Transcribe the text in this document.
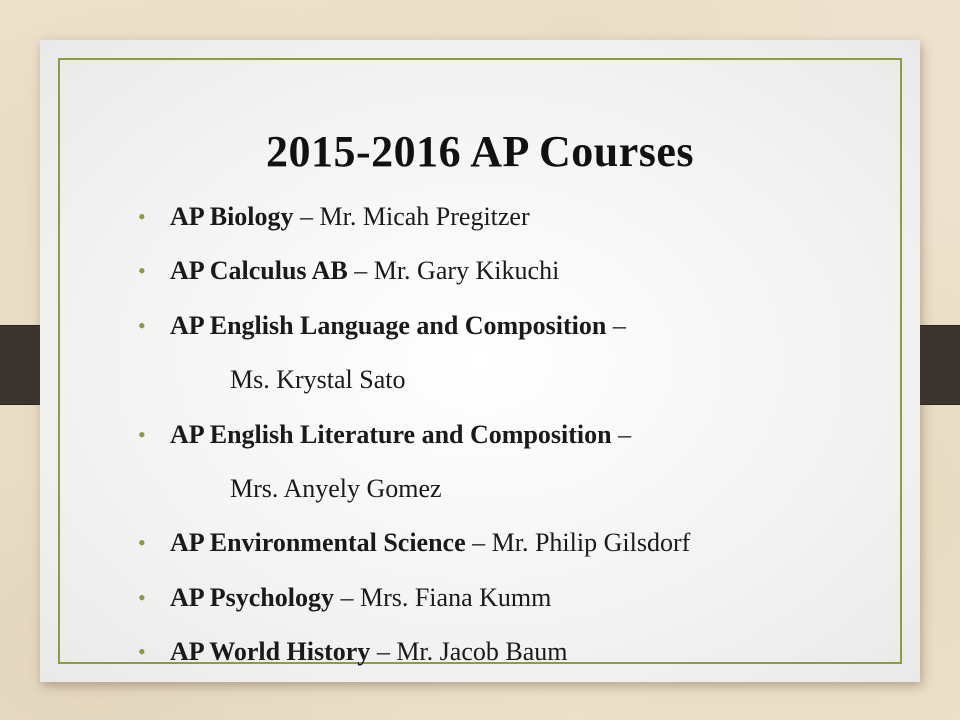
2015-2016 AP Courses
• AP Biology – Mr. Micah Pregitzer
• AP Calculus AB – Mr. Gary Kikuchi
• AP English Language and Composition –
Ms. Krystal Sato
• AP English Literature and Composition –
Mrs. Anyely Gomez
• AP Environmental Science – Mr. Philip Gilsdorf
• AP Psychology – Mrs. Fiana Kumm
• AP World History – Mr. Jacob Baum
